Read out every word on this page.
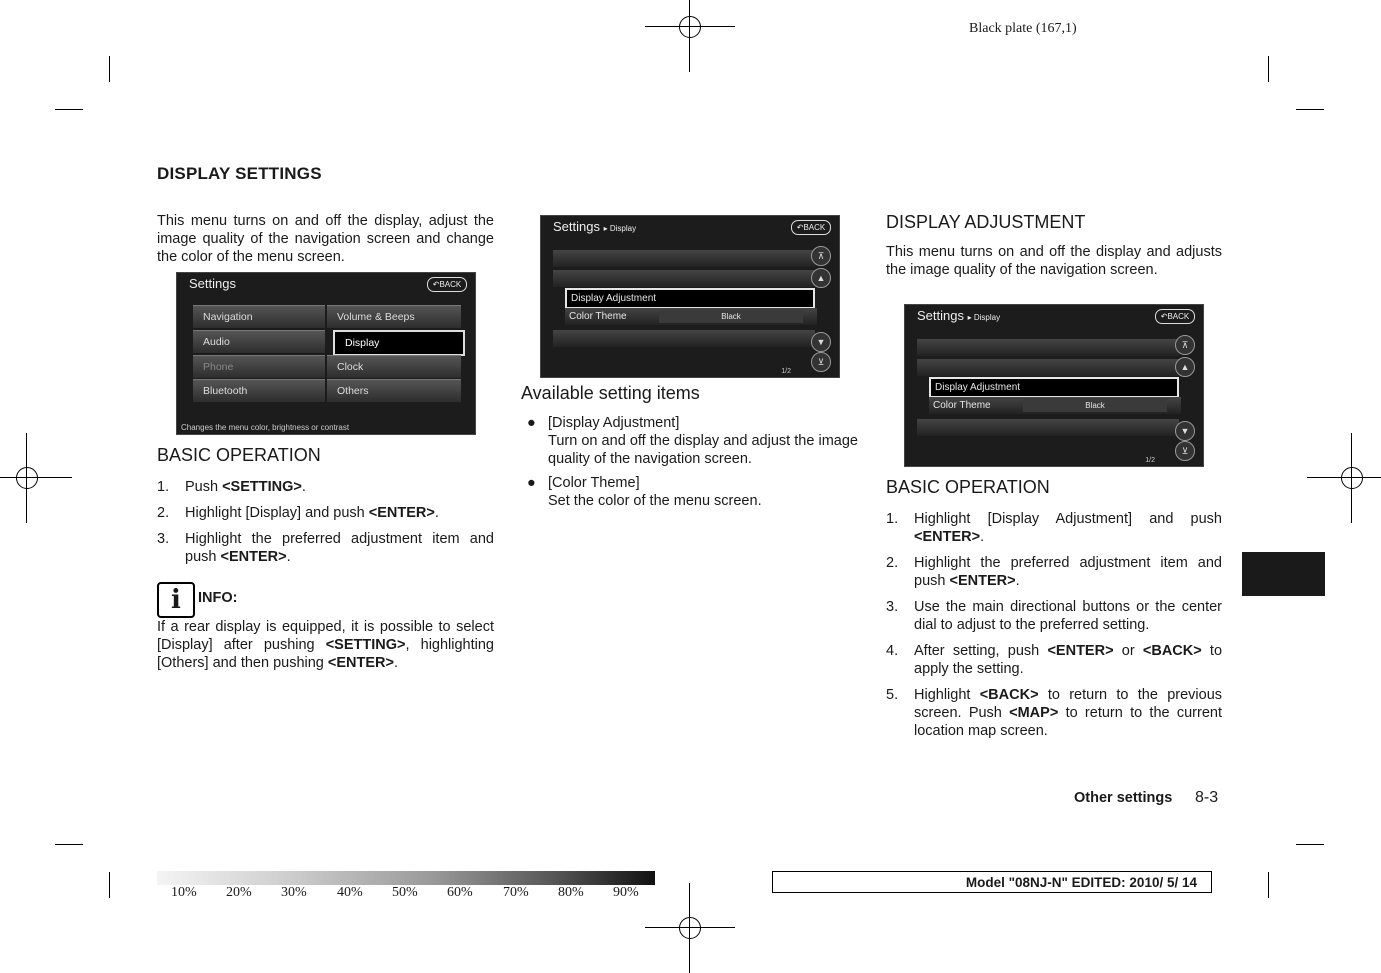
Black plate (167,1)
DISPLAY SETTINGS

This menu turns on and off the display, adjust the image quality of the navigation screen and change the color of the menu screen.

Settings	↶BACK
Navigation	Volume & Beeps
Audio	Display
Phone	Clock
Bluetooth	Others
Changes the menu color, brightness or contrast
BASIC OPERATION
1. Push <SETTING>.
2. Highlight [Display] and push <ENTER>.
3. Highlight the preferred adjustment item and push <ENTER>.
i	INFO:

If a rear display is equipped, it is possible to select [Display] after pushing <SETTING>, highlighting [Others] and then pushing <ENTER>.

Settings ▸ Display	↶BACK
Display Adjustment
Color Theme	Black
⊼
▲
▼
⊻
1/2
Available setting items
● [Display Adjustment]
Turn on and off the display and adjust the image quality of the navigation screen.
● [Color Theme]
Set the color of the menu screen.
DISPLAY ADJUSTMENT

This menu turns on and off the display and adjusts the image quality of the navigation screen.

Settings ▸ Display	↶BACK
Display Adjustment
Color Theme	Black
⊼
▲
▼
⊻
1/2
BASIC OPERATION
1. Highlight [Display Adjustment] and push <ENTER>.
2. Highlight the preferred adjustment item and push <ENTER>.
3. Use the main directional buttons or the center dial to adjust to the preferred setting.
4. After setting, push <ENTER> or <BACK> to apply the setting.
5. Highlight <BACK> to return to the previous screen. Push <MAP> to return to the current location map screen.
Other settings 8-3
10% 20% 30% 40% 50% 60% 70% 80% 90%
Model "08NJ-N" EDITED: 2010/ 5/ 14
